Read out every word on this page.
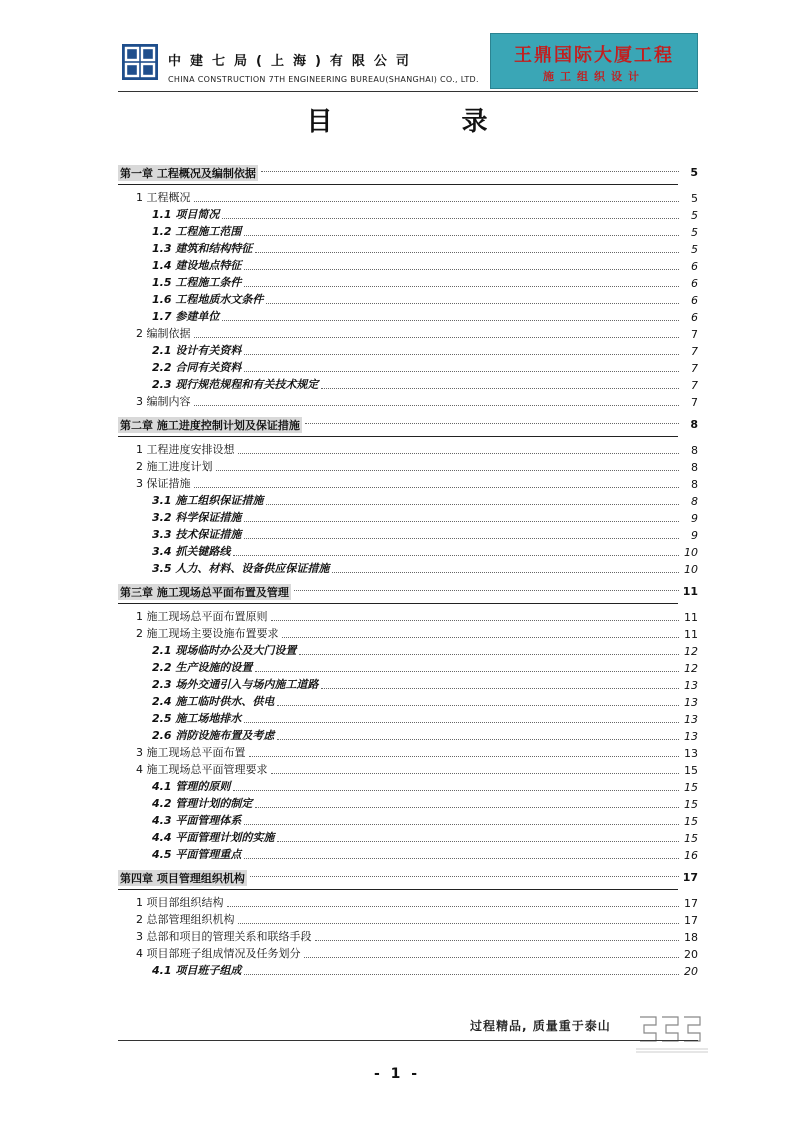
中建七局(上海)有限公司
CHINA CONSTRUCTION 7TH ENGINEERING BUREAU(SHANGHAI) CO., LTD.
王鼎国际大厦工程
施工组织设计
目 录
第一章 工程概况及编制依据	5
1 工程概况	5
1.1 项目简况	5
1.2 工程施工范围	5
1.3 建筑和结构特征	5
1.4 建设地点特征	6
1.5 工程施工条件	6
1.6 工程地质水文条件	6
1.7 参建单位	6
2 编制依据	7
2.1 设计有关资料	7
2.2 合同有关资料	7
2.3 现行规范规程和有关技术规定	7
3 编制内容	7
第二章 施工进度控制计划及保证措施	8
1 工程进度安排设想	8
2 施工进度计划	8
3 保证措施	8
3.1 施工组织保证措施	8
3.2 科学保证措施	9
3.3 技术保证措施	9
3.4 抓关键路线	10
3.5 人力、材料、设备供应保证措施	10
第三章 施工现场总平面布置及管理	11
1 施工现场总平面布置原则	11
2 施工现场主要设施布置要求	11
2.1 现场临时办公及大门设置	12
2.2 生产设施的设置	12
2.3 场外交通引入与场内施工道路	13
2.4 施工临时供水、供电	13
2.5 施工场地排水	13
2.6 消防设施布置及考虑	13
3 施工现场总平面布置	13
4 施工现场总平面管理要求	15
4.1 管理的原则	15
4.2 管理计划的制定	15
4.3 平面管理体系	15
4.4 平面管理计划的实施	15
4.5 平面管理重点	16
第四章 项目管理组织机构	17
1 项目部组织结构	17
2 总部管理组织机构	17
3 总部和项目的管理关系和联络手段	18
4 项目部班子组成情况及任务划分	20
4.1 项目班子组成	20
过程精品, 质量重于泰山
- 1 -
